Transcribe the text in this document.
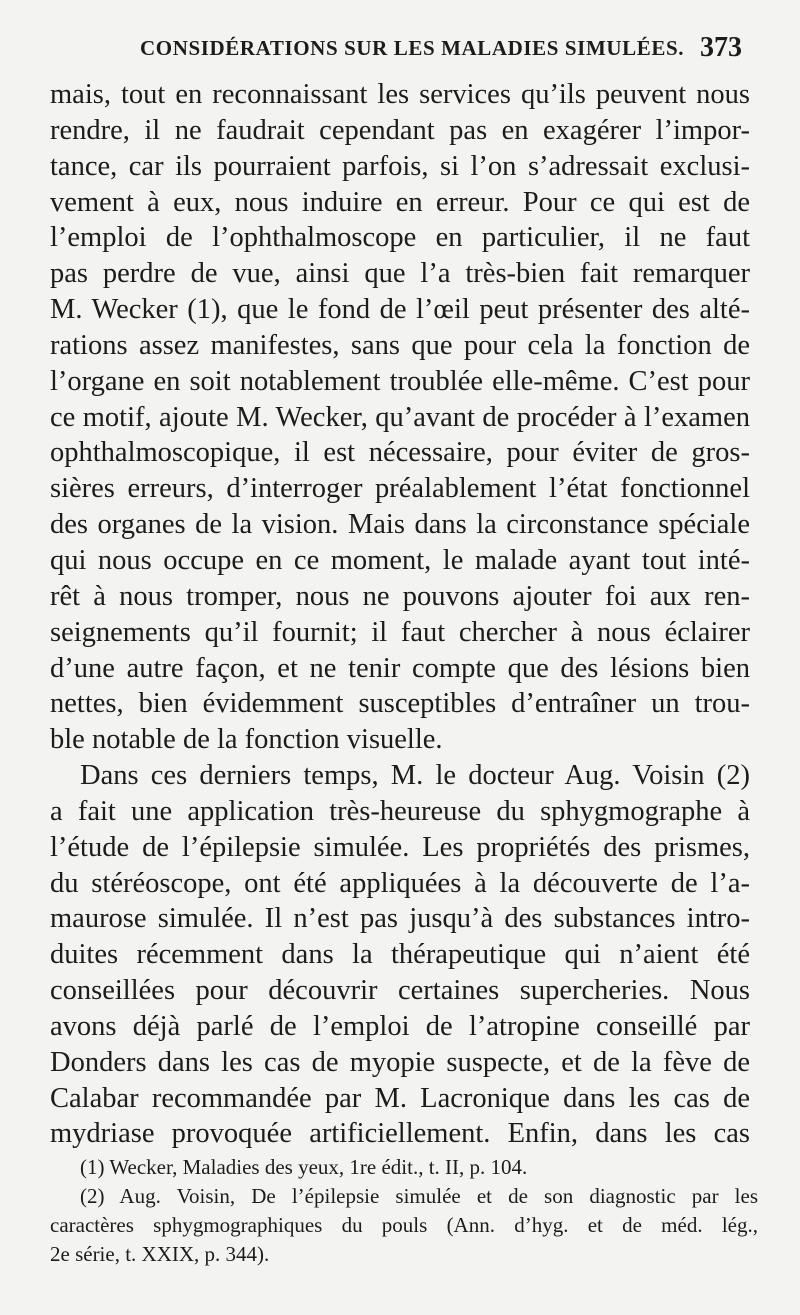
CONSIDÉRATIONS SUR LES MALADIES SIMULÉES. 373
mais, tout en reconnaissant les services qu’ils peuvent nous
rendre, il ne faudrait cependant pas en exagérer l’impor-
tance, car ils pourraient parfois, si l’on s’adressait exclusi-
vement à eux, nous induire en erreur. Pour ce qui est de
l’emploi de l’ophthalmoscope en particulier, il ne faut
pas perdre de vue, ainsi que l’a très-bien fait remarquer
M. Wecker (1), que le fond de l’œil peut présenter des alté-
rations assez manifestes, sans que pour cela la fonction de
l’organe en soit notablement troublée elle-même. C’est pour
ce motif, ajoute M. Wecker, qu’avant de procéder à l’examen
ophthalmoscopique, il est nécessaire, pour éviter de gros-
sières erreurs, d’interroger préalablement l’état fonctionnel
des organes de la vision. Mais dans la circonstance spéciale
qui nous occupe en ce moment, le malade ayant tout inté-
rêt à nous tromper, nous ne pouvons ajouter foi aux ren-
seignements qu’il fournit; il faut chercher à nous éclairer
d’une autre façon, et ne tenir compte que des lésions bien
nettes, bien évidemment susceptibles d’entraîner un trou-
ble notable de la fonction visuelle.
Dans ces derniers temps, M. le docteur Aug. Voisin (2)
a fait une application très-heureuse du sphygmographe à
l’étude de l’épilepsie simulée. Les propriétés des prismes,
du stéréoscope, ont été appliquées à la découverte de l’a-
maurose simulée. Il n’est pas jusqu’à des substances intro-
duites récemment dans la thérapeutique qui n’aient été
conseillées pour découvrir certaines supercheries. Nous
avons déjà parlé de l’emploi de l’atropine conseillé par
Donders dans les cas de myopie suspecte, et de la fève de
Calabar recommandée par M. Lacronique dans les cas de
mydriase provoquée artificiellement. Enfin, dans les cas
(1) Wecker, Maladies des yeux, 1re édit., t. II, p. 104.
(2) Aug. Voisin, De l’épilepsie simulée et de son diagnostic par les
caractères sphygmographiques du pouls (Ann. d’hyg. et de méd. lég.,
2e série, t. XXIX, p. 344).
